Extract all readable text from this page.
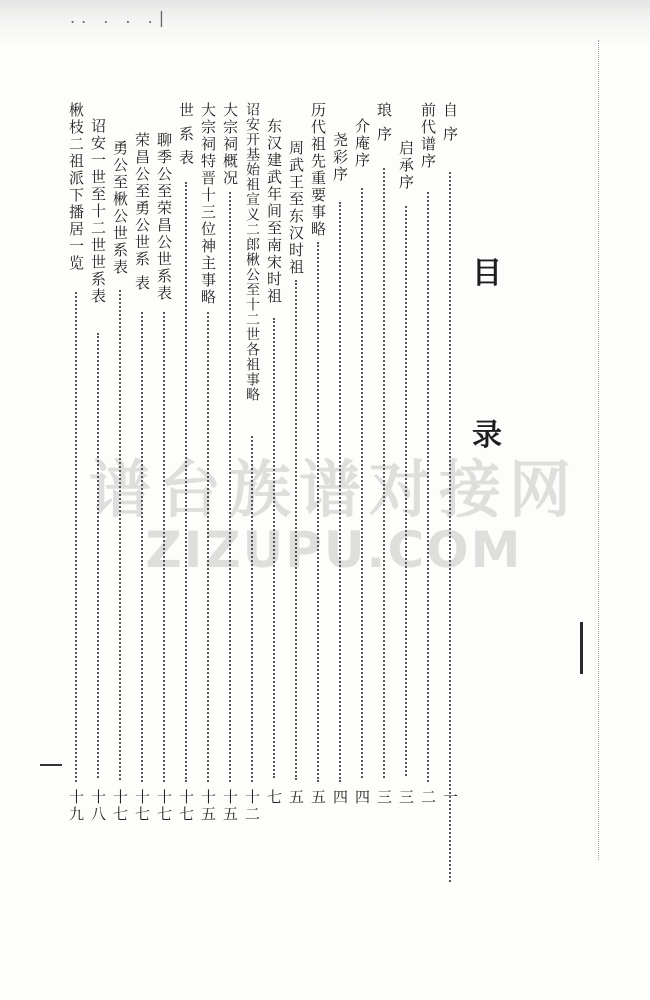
.. . . .|
目
录
谱台族谱对接网
ZIZUPU.COM
自 序
一
前代谱序
二
启承序
三
琅 序
三
介庵序
四
尧彩序
四
历代祖先重要事略
五
周武王至东汉时祖
五
东汉建武年间至南宋时祖
七
诏安开基始祖宣义二郎楸公至十二世各祖事略
十二
大宗祠概况
十五
大宗祠特晋十三位神主事略
十五
世 系 表
十七
聊季公至荣昌公世系表
十七
荣昌公至勇公世系 表
十七
勇公至楸公世系表
十七
诏安一世至十二世世系表
十八
楸枝二祖派下播居一览
十九
